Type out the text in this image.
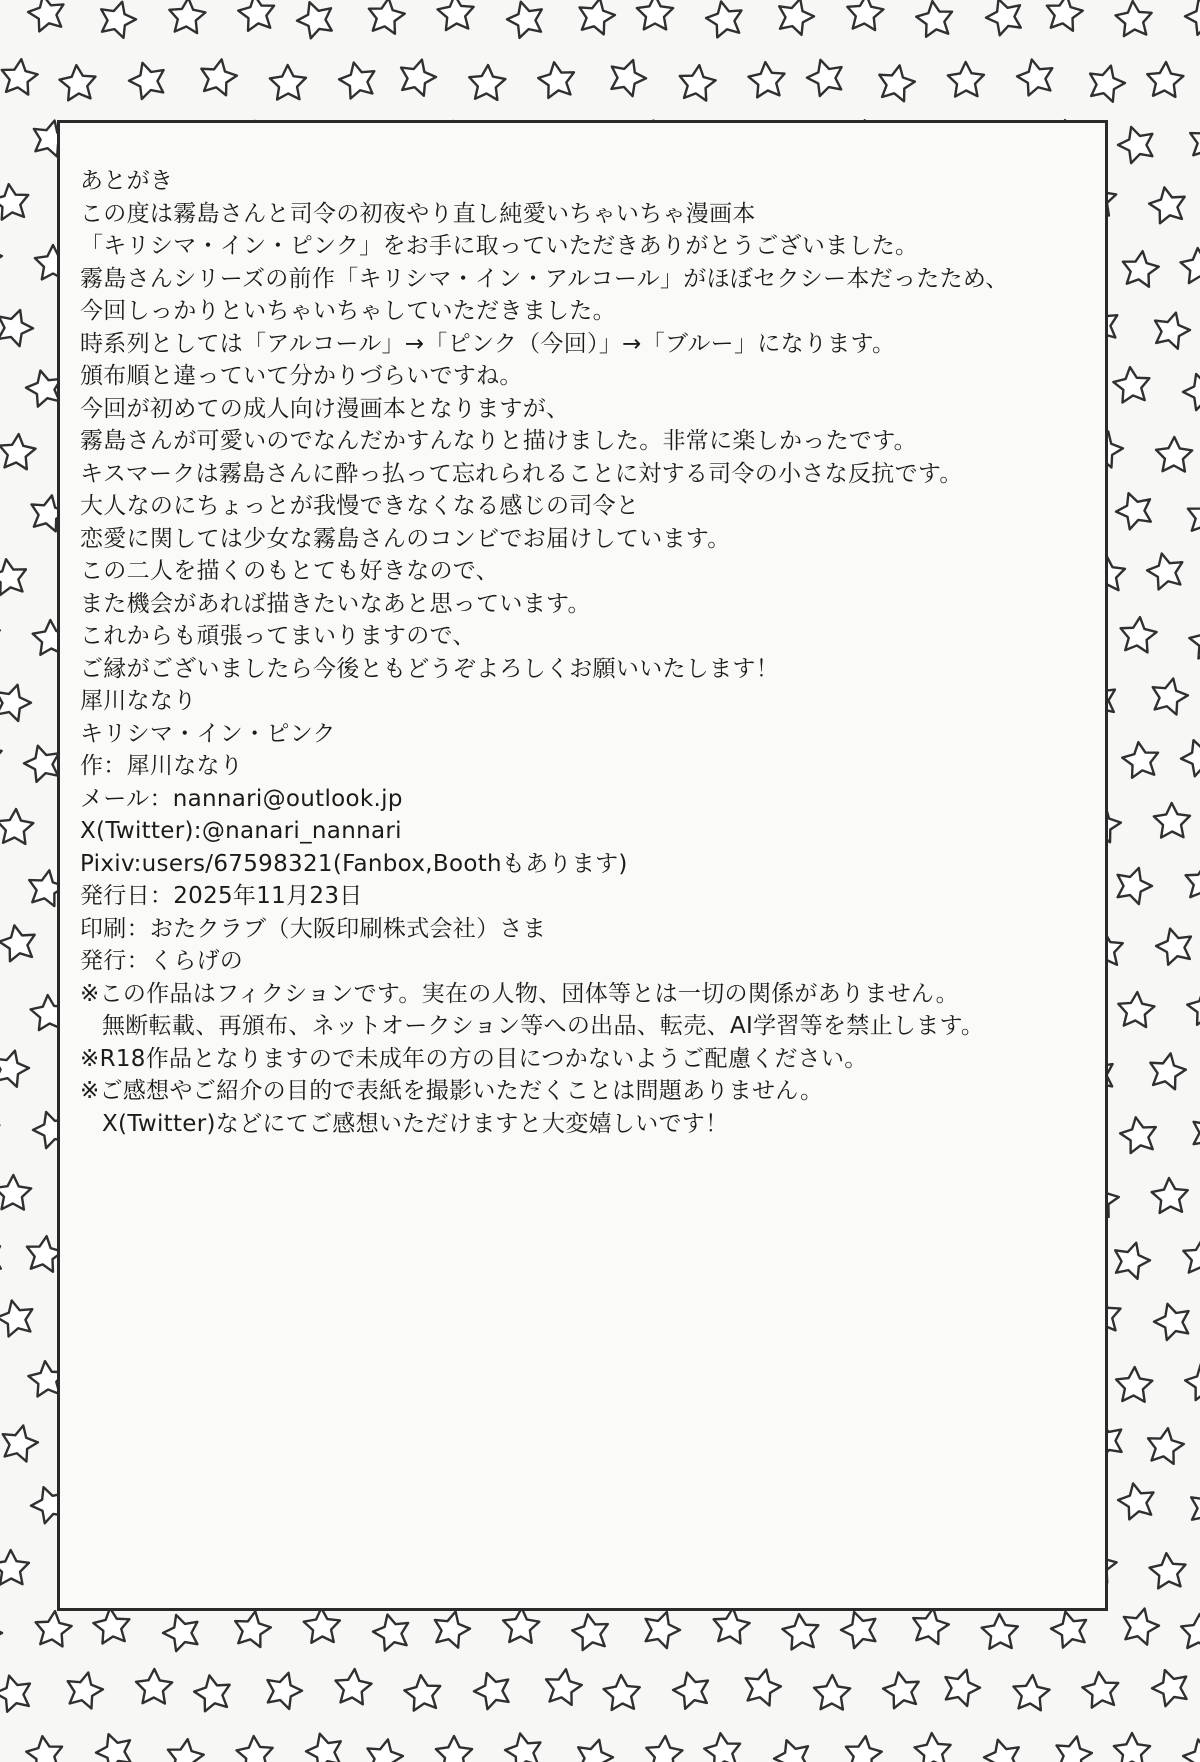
あとがき
この度は霧島さんと司令の初夜やり直し純愛いちゃいちゃ漫画本
「キリシマ・イン・ピンク」をお手に取っていただきありがとうございました。
霧島さんシリーズの前作「キリシマ・イン・アルコール」がほぼセクシー本だったため、
今回しっかりといちゃいちゃしていただきました。
時系列としては「アルコール」→「ピンク（今回）」→「ブルー」になります。
頒布順と違っていて分かりづらいですね。
今回が初めての成人向け漫画本となりますが、
霧島さんが可愛いのでなんだかすんなりと描けました。非常に楽しかったです。
キスマークは霧島さんに酔っ払って忘れられることに対する司令の小さな反抗です。
大人なのにちょっとが我慢できなくなる感じの司令と
恋愛に関しては少女な霧島さんのコンビでお届けしています。
この二人を描くのもとても好きなので、
また機会があれば描きたいなあと思っています。
これからも頑張ってまいりますので、
ご縁がございましたら今後ともどうぞよろしくお願いいたします！
犀川ななり
キリシマ・イン・ピンク
作：犀川ななり
メール：nannari@outlook.jp
X(Twitter):@nanari_nannari
Pixiv:users/67598321(Fanbox,Boothもあります)
発行日：2025年11月23日
印刷：おたクラブ（大阪印刷株式会社）さま
発行：くらげの
※この作品はフィクションです。実在の人物、団体等とは一切の関係がありません。
無断転載、再頒布、ネットオークション等への出品、転売、AI学習等を禁止します。
※R18作品となりますので未成年の方の目につかないようご配慮ください。
※ご感想やご紹介の目的で表紙を撮影いただくことは問題ありません。
X(Twitter)などにてご感想いただけますと大変嬉しいです！
